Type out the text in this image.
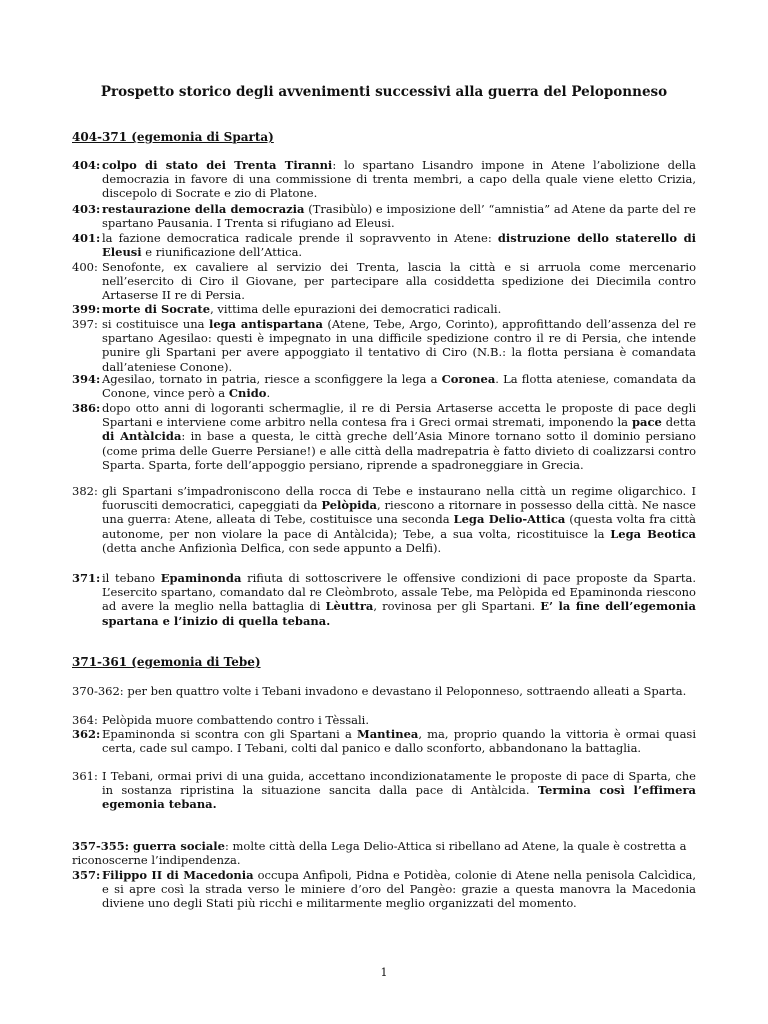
Prospetto storico degli avvenimenti successivi alla guerra del Peloponneso
404-371 (egemonia di Sparta)
404: colpo di stato dei Trenta Tiranni: lo spartano Lisandro impone in Atene l’abolizione della democrazia in favore di una commissione di trenta membri, a capo della quale viene eletto Crizia, discepolo di Socrate e zio di Platone.
403: restaurazione della democrazia (Trasibùlo) e imposizione dell’ “amnistia” ad Atene da parte del re spartano Pausania. I Trenta si rifugiano ad Eleusi.
401: la fazione democratica radicale prende il sopravvento in Atene: distruzione dello staterello di Eleusi e riunificazione dell’Attica.
400: Senofonte, ex cavaliere al servizio dei Trenta, lascia la città e si arruola come mercenario nell’esercito di Ciro il Giovane, per partecipare alla cosiddetta spedizione dei Diecimila contro Artaserse II re di Persia.
399: morte di Socrate, vittima delle epurazioni dei democratici radicali.
397: si costituisce una lega antispartana (Atene, Tebe, Argo, Corinto), approfittando dell’assenza del re spartano Agesilao: questi è impegnato in una difficile spedizione contro il re di Persia, che intende punire gli Spartani per avere appoggiato il tentativo di Ciro (N.B.: la flotta persiana è comandata dall’ateniese Conone).
394: Agesilao, tornato in patria, riesce a sconfiggere la lega a Coronea. La flotta ateniese, comandata da Conone, vince però a Cnido.
386: dopo otto anni di logoranti schermaglie, il re di Persia Artaserse accetta le proposte di pace degli Spartani e interviene come arbitro nella contesa fra i Greci ormai stremati, imponendo la pace detta di Antàlcida: in base a questa, le città greche dell’Asia Minore tornano sotto il dominio persiano (come prima delle Guerre Persiane!) e alle città della madrepatria è fatto divieto di coalizzarsi contro Sparta. Sparta, forte dell’appoggio persiano, riprende a spadroneggiare in Grecia.
382: gli Spartani s’impadroniscono della rocca di Tebe e instaurano nella città un regime oligarchico. I fuorusciti democratici, capeggiati da Pelòpida, riescono a ritornare in possesso della città. Ne nasce una guerra: Atene, alleata di Tebe, costituisce una seconda Lega Delio-Attica (questa volta fra città autonome, per non violare la pace di Antàlcida); Tebe, a sua volta, ricostituisce la Lega Beotica (detta anche Anfizionìa Delfica, con sede appunto a Delfi).
371: il tebano Epaminonda rifiuta di sottoscrivere le offensive condizioni di pace proposte da Sparta. L’esercito spartano, comandato dal re Cleòmbroto, assale Tebe, ma Pelòpida ed Epaminonda riescono ad avere la meglio nella battaglia di Lèuttra, rovinosa per gli Spartani. E’ la fine dell’egemonia spartana e l’inizio di quella tebana.
371-361 (egemonia di Tebe)
370-362: per ben quattro volte i Tebani invadono e devastano il Peloponneso, sottraendo alleati a Sparta.
364: Pelòpida muore combattendo contro i Tèssali.
362: Epaminonda si scontra con gli Spartani a Mantinea, ma, proprio quando la vittoria è ormai quasi certa, cade sul campo. I Tebani, colti dal panico e dallo sconforto, abbandonano la battaglia.
361: I Tebani, ormai privi di una guida, accettano incondizionatamente le proposte di pace di Sparta, che in sostanza ripristina la situazione sancita dalla pace di Antàlcida. Termina così l’effimera egemonia tebana.
357-355: guerra sociale: molte città della Lega Delio-Attica si ribellano ad Atene, la quale è costretta a riconoscerne l’indipendenza.
357: Filippo II di Macedonia occupa Anfìpoli, Pidna e Potidèa, colonie di Atene nella penisola Calcìdica, e si apre così la strada verso le miniere d’oro del Pangèo: grazie a questa manovra la Macedonia diviene uno degli Stati più ricchi e militarmente meglio organizzati del momento.
1
